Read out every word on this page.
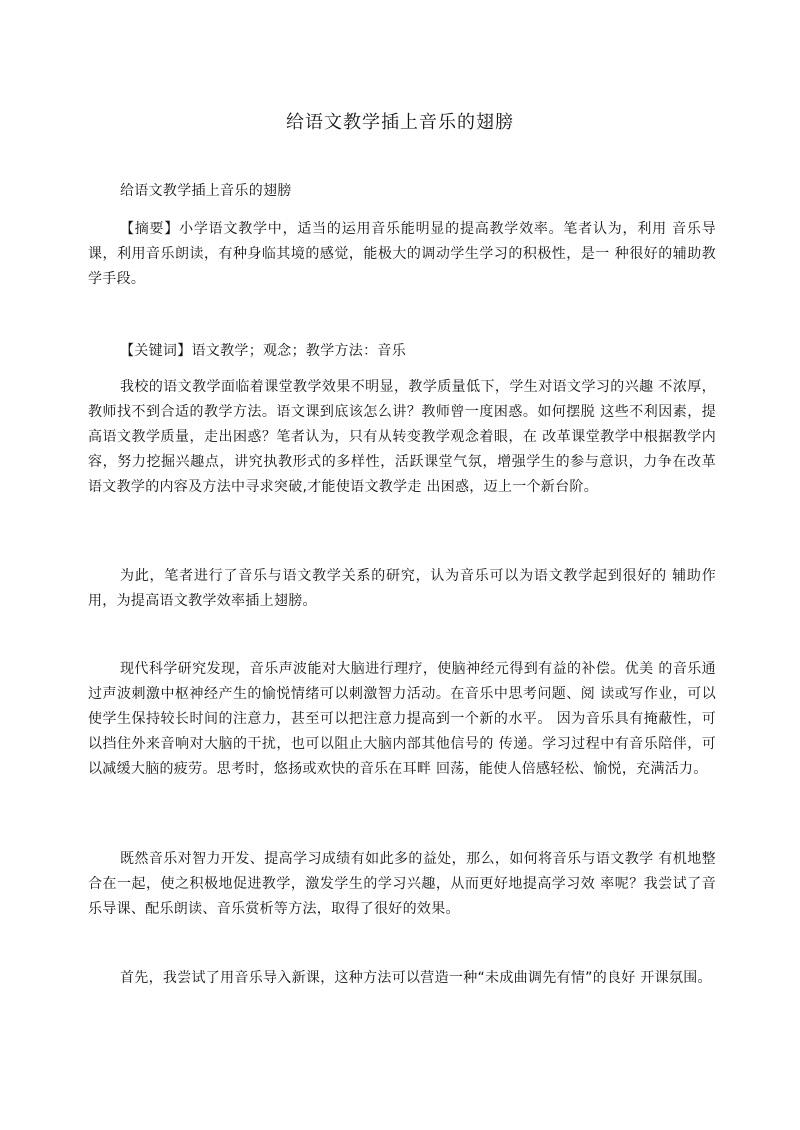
给语文教学插上音乐的翅膀

给语文教学插上音乐的翅膀

【摘要】小学语文教学中，适当的运用音乐能明显的提高教学效率。笔者认为，利用 音乐导课，利用音乐朗读，有种身临其境的感觉，能极大的调动学生学习的积极性，是一 种很好的辅助教学手段。

【关键词】语文教学；观念；教学方法：音乐

我校的语文教学面临着课堂教学效果不明显，教学质量低下，学生对语文学习的兴趣 不浓厚，教师找不到合适的教学方法。语文课到底该怎么讲？教师曾一度困惑。如何摆脱 这些不利因素，提高语文教学质量，走出困惑？笔者认为，只有从转变教学观念着眼，在 改革课堂教学中根据教学内容，努力挖掘兴趣点，讲究执教形式的多样性，活跃课堂气氛，增强学生的参与意识，力争在改革语文教学的内容及方法中寻求突破,才能使语文教学走 出困惑，迈上一个新台阶。

为此，笔者进行了音乐与语文教学关系的研究，认为音乐可以为语文教学起到很好的 辅助作用，为提高语文教学效率插上翅膀。

现代科学研究发现，音乐声波能对大脑进行理疗，使脑神经元得到有益的补偿。优美 的音乐通过声波刺激中枢神经产生的愉悦情绪可以刺激智力活动。在音乐中思考问题、阅 读或写作业，可以使学生保持较长时间的注意力，甚至可以把注意力提高到一个新的水平。 因为音乐具有掩蔽性，可以挡住外来音响对大脑的干扰，也可以阻止大脑内部其他信号的 传递。学习过程中有音乐陪伴，可以减缓大脑的疲劳。思考时，悠扬或欢快的音乐在耳畔 回荡，能使人倍感轻松、愉悦，充满活力。

既然音乐对智力开发、提高学习成绩有如此多的益处，那么，如何将音乐与语文教学 有机地整合在一起，使之积极地促进教学，激发学生的学习兴趣，从而更好地提高学习效 率呢？我尝试了音乐导课、配乐朗读、音乐赏析等方法，取得了很好的效果。

首先，我尝试了用音乐导入新课，这种方法可以营造一种“未成曲调先有情”的良好 开课氛围。
